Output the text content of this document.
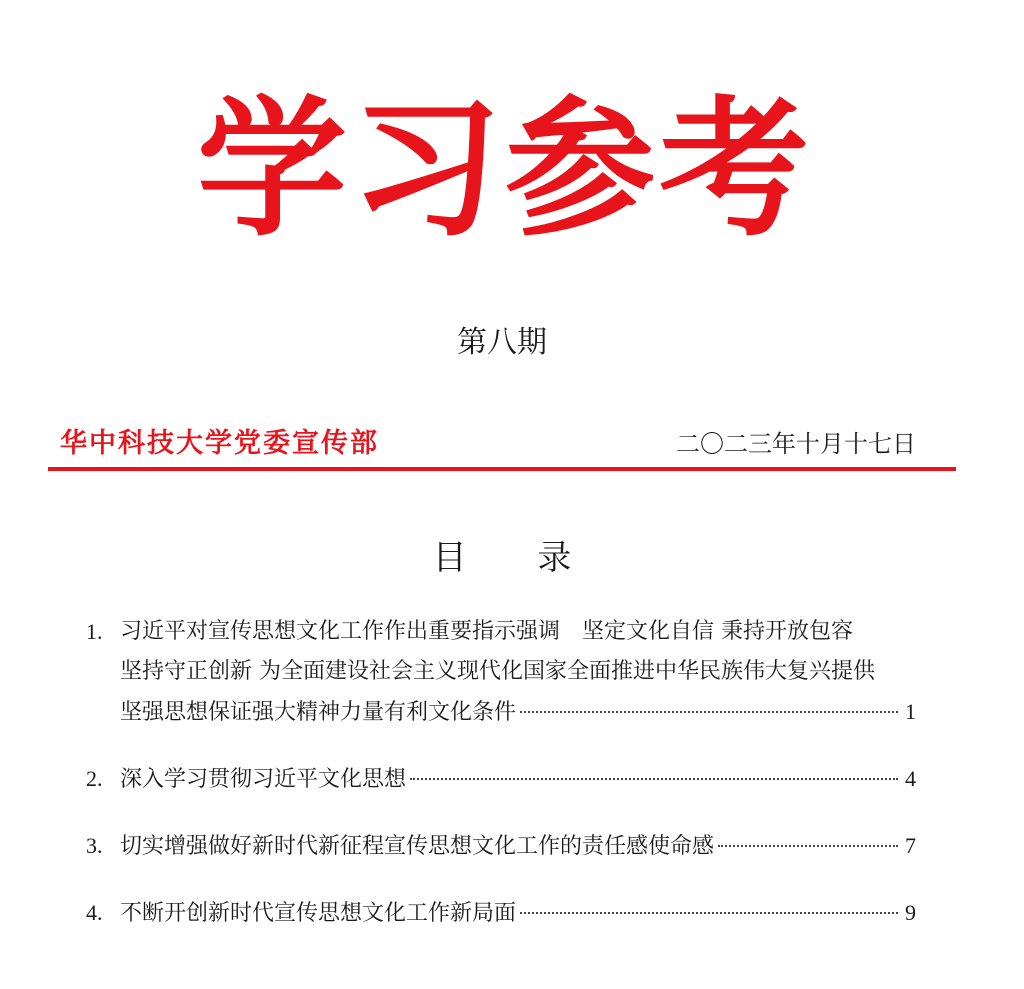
学习参考
第八期
华中科技大学党委宣传部	二〇二三年十月十七日
目 录
1. 习近平对宣传思想文化工作作出重要指示强调　坚定文化自信 秉持开放包容
坚持守正创新 为全面建设社会主义现代化国家全面推进中华民族伟大复兴提供
坚强思想保证强大精神力量有利文化条件	1
2. 深入学习贯彻习近平文化思想	4
3. 切实增强做好新时代新征程宣传思想文化工作的责任感使命感	7
4. 不断开创新时代宣传思想文化工作新局面	9
